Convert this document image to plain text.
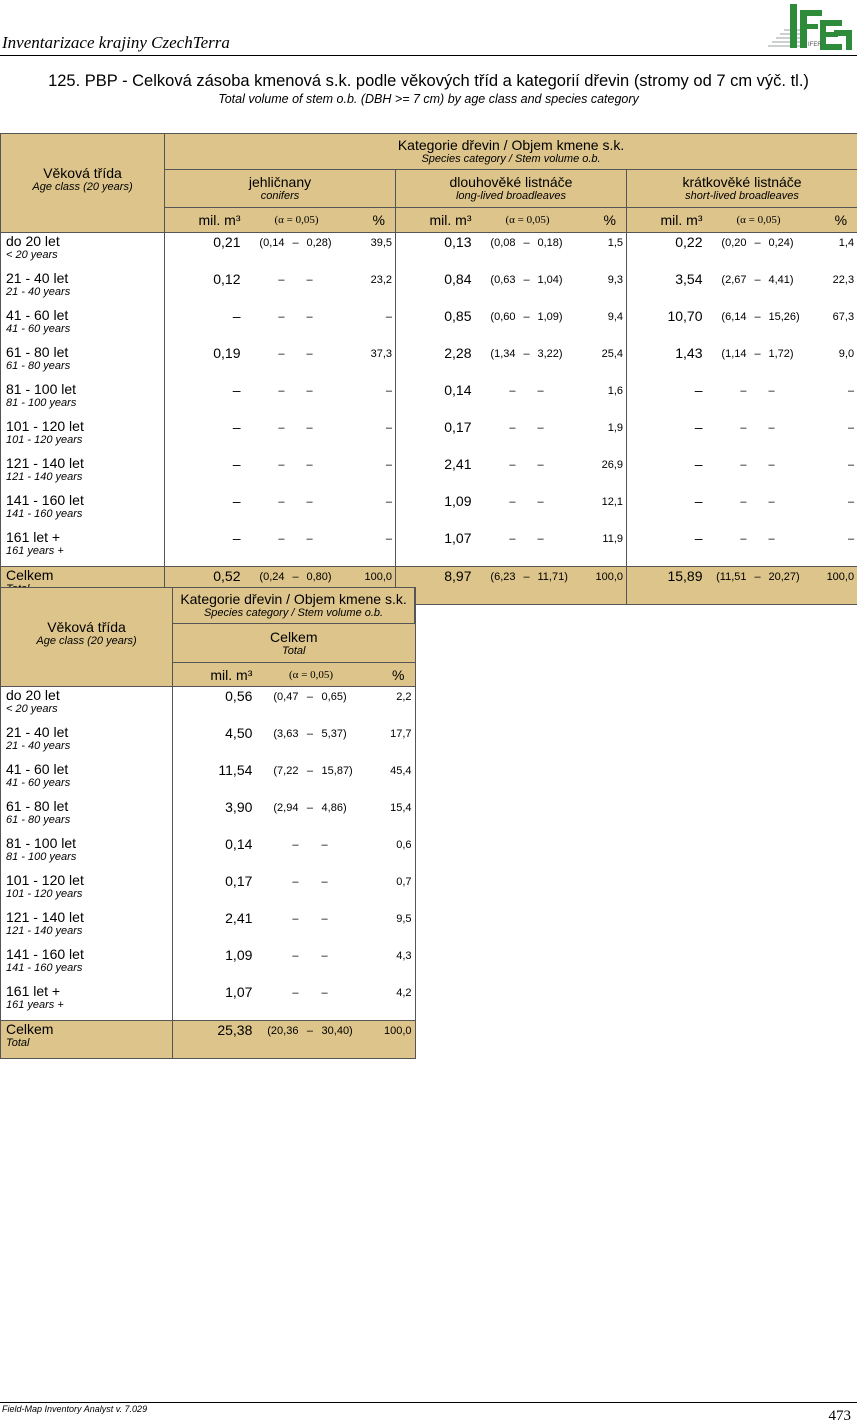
Inventarizace krajiny CzechTerra	IFER
125. PBP - Celková zásoba kmenová s.k. podle věkových tříd a kategorií dřevin (stromy od 7 cm výč. tl.)
Total volume of stem o.b. (DBH >= 7 cm) by age class and species category
Věková třída
Age class (20 years)	Kategorie dřevin / Objem kmene s.k.
Species category / Stem volume o.b.														

	jehličnany
conifers					dlouhověké listnáče
long-lived broadleaves					krátkověké listnáče
short-lived broadleaves				

	mil. m³	(α = 0,05)			%	mil. m³	(α = 0,05)			%	mil. m³	(α = 0,05)			%

do 20 let
< 20 years	0,21	(0,14	–	0,28)	39,5	0,13	(0,08	–	0,18)	1,5	0,22	(0,20	–	0,24)	1,4

21 - 40 let
21 - 40 years	0,12	–		–	23,2	0,84	(0,63	–	1,04)	9,3	3,54	(2,67	–	4,41)	22,3

41 - 60 let
41 - 60 years	–	–		–	–	0,85	(0,60	–	1,09)	9,4	10,70	(6,14	–	15,26)	67,3

61 - 80 let
61 - 80 years	0,19	–		–	37,3	2,28	(1,34	–	3,22)	25,4	1,43	(1,14	–	1,72)	9,0

81 - 100 let
81 - 100 years	–	–		–	–	0,14	–		–	1,6	–	–		–	–

101 - 120 let
101 - 120 years	–	–		–	–	0,17	–		–	1,9	–	–		–	–

121 - 140 let
121 - 140 years	–	–		–	–	2,41	–		–	26,9	–	–		–	–

141 - 160 let
141 - 160 years	–	–		–	–	1,09	–		–	12,1	–	–		–	–

161 let +
161 years +	–	–		–	–	1,07	–		–	11,9	–	–		–	–

Celkem	0,52	(0,24	–	0,80)	100,0	8,97	(6,23	–	11,71)	100,0	15,89	(11,51	–	20,27)	100,0
Věková třída
Age class (20 years)	Kategorie dřevin / Objem kmene s.k.
Species category / Stem volume o.b.				

	Celkem
Total				

	mil. m³	(α = 0,05)			%

do 20 let
< 20 years	0,56	(0,47	–	0,65)	2,2

21 - 40 let
21 - 40 years	4,50	(3,63	–	5,37)	17,7

41 - 60 let
41 - 60 years	11,54	(7,22	–	15,87)	45,4

61 - 80 let
61 - 80 years	3,90	(2,94	–	4,86)	15,4

81 - 100 let
81 - 100 years	0,14	–		–	0,6

101 - 120 let
101 - 120 years	0,17	–		–	0,7

121 - 140 let
121 - 140 years	2,41	–		–	9,5

141 - 160 let
141 - 160 years	1,09	–		–	4,3

161 let +
161 years +	1,07	–		–	4,2

Celkem
Total	25,38	(20,36	–	30,40)	100,0
Field-Map Inventory Analyst v. 7.029	473
